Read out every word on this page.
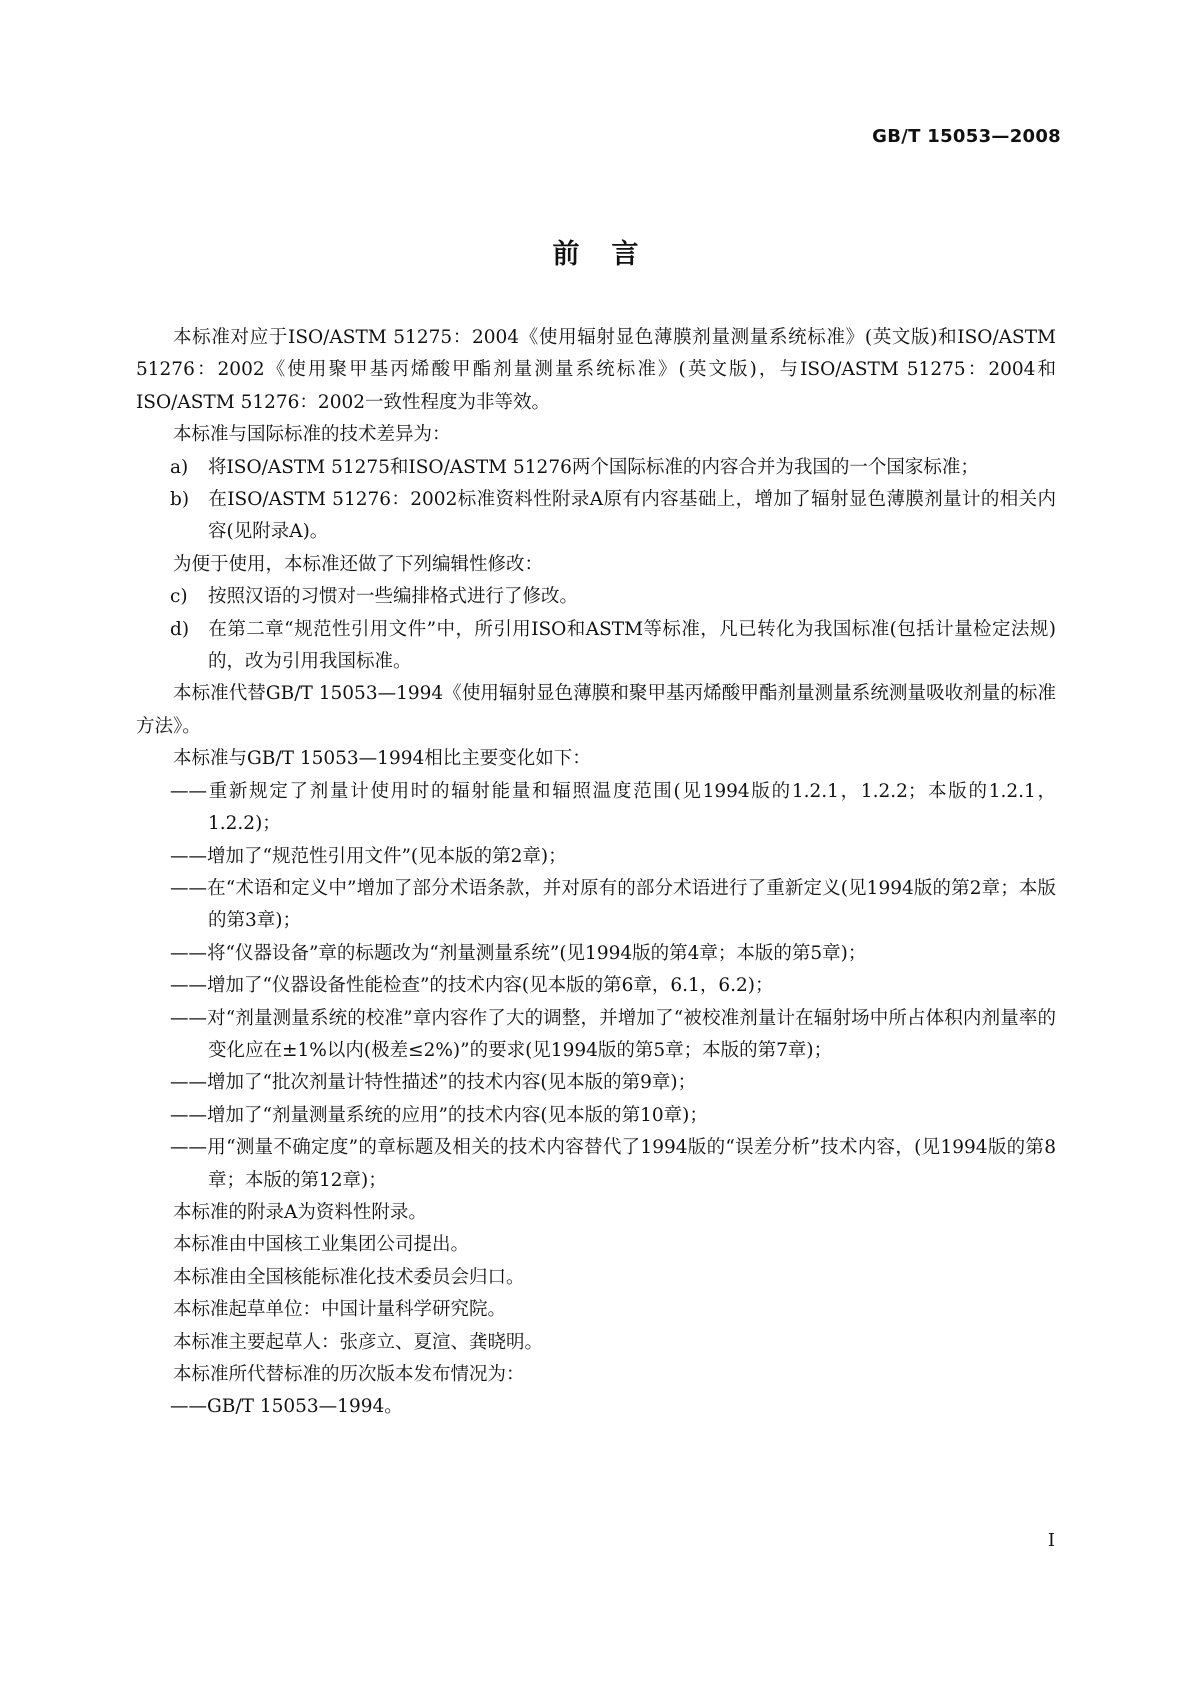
GB/T 15053—2008
前言
本标准对应于ISO/ASTM 51275：2004《使用辐射显色薄膜剂量测量系统标准》(英文版)和ISO/ASTM 51276：2002《使用聚甲基丙烯酸甲酯剂量测量系统标准》(英文版)，与ISO/ASTM 51275：2004和ISO/ASTM 51276：2002一致性程度为非等效。
本标准与国际标准的技术差异为：
a) 将ISO/ASTM 51275和ISO/ASTM 51276两个国际标准的内容合并为我国的一个国家标准；
b) 在ISO/ASTM 51276：2002标准资料性附录A原有内容基础上，增加了辐射显色薄膜剂量计的相关内容(见附录A)。
为便于使用，本标准还做了下列编辑性修改：
c) 按照汉语的习惯对一些编排格式进行了修改。
d) 在第二章“规范性引用文件”中，所引用ISO和ASTM等标准，凡已转化为我国标准(包括计量检定法规)的，改为引用我国标准。
本标准代替GB/T 15053—1994《使用辐射显色薄膜和聚甲基丙烯酸甲酯剂量测量系统测量吸收剂量的标准方法》。
本标准与GB/T 15053—1994相比主要变化如下：
——重新规定了剂量计使用时的辐射能量和辐照温度范围(见1994版的1.2.1，1.2.2；本版的1.2.1，1.2.2)；
——增加了“规范性引用文件”(见本版的第2章)；
——在“术语和定义中”增加了部分术语条款，并对原有的部分术语进行了重新定义(见1994版的第2章；本版的第3章)；
——将“仪器设备”章的标题改为“剂量测量系统”(见1994版的第4章；本版的第5章)；
——增加了“仪器设备性能检查”的技术内容(见本版的第6章，6.1，6.2)；
——对“剂量测量系统的校准”章内容作了大的调整，并增加了“被校准剂量计在辐射场中所占体积内剂量率的变化应在±1%以内(极差≤2%)”的要求(见1994版的第5章；本版的第7章)；
——增加了“批次剂量计特性描述”的技术内容(见本版的第9章)；
——增加了“剂量测量系统的应用”的技术内容(见本版的第10章)；
——用“测量不确定度”的章标题及相关的技术内容替代了1994版的“误差分析”技术内容，(见1994版的第8章；本版的第12章)；
本标准的附录A为资料性附录。
本标准由中国核工业集团公司提出。
本标准由全国核能标准化技术委员会归口。
本标准起草单位：中国计量科学研究院。
本标准主要起草人：张彦立、夏渲、龚晓明。
本标准所代替标准的历次版本发布情况为：
——GB/T 15053—1994。
I
